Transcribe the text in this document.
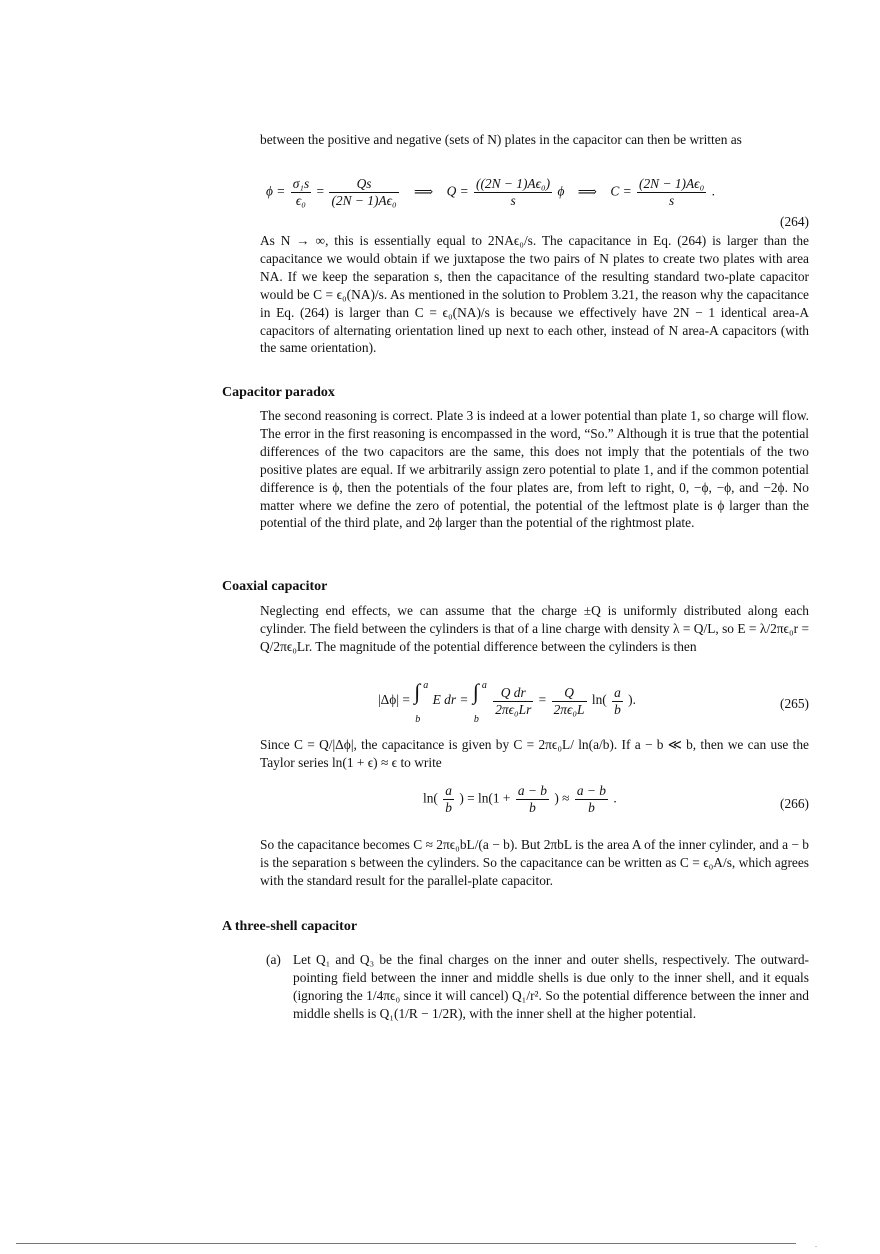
between the positive and negative (sets of N) plates in the capacitor can then be written as
$\phi = \frac{\text{σ₁s}}{\text{ϵ₀}} = \frac{Qs}{\text{(2N − 1)Aϵ₀}}$ ⟹ $Q = \frac{\text{((2N − 1)Aϵ₀)}}{s}$ ϕ ⟹ $C = \frac{\text{(2N − 1)Aϵ₀}}{s}$ .
(264)
As N → ∞, this is essentially equal to 2NAϵ₀/s. The capacitance in Eq. (264) is larger than the capacitance we would obtain if we juxtapose the two pairs of N plates to create two plates with area NA. If we keep the separation s, then the capacitance of the resulting standard two-plate capacitor would be C = ϵ₀(NA)/s. As mentioned in the solution to Problem 3.21, the reason why the capacitance in Eq. (264) is larger than C = ϵ₀(NA)/s is because we effectively have 2N − 1 identical area-A capacitors of alternating orientation lined up next to each other, instead of N area-A capacitors (with the same orientation).
Capacitor paradox
The second reasoning is correct. Plate 3 is indeed at a lower potential than plate 1, so charge will flow. The error in the first reasoning is encompassed in the word, “So.” Although it is true that the potential differences of the two capacitors are the same, this does not imply that the potentials of the two positive plates are equal. If we arbitrarily assign zero potential to plate 1, and if the common potential difference is ϕ, then the potentials of the four plates are, from left to right, 0, −ϕ, −ϕ, and −2ϕ. No matter where we define the zero of potential, the potential of the leftmost plate is ϕ larger than the potential of the third plate, and 2ϕ larger than the potential of the rightmost plate.
Coaxial capacitor
Neglecting end effects, we can assume that the charge ±Q is uniformly distributed along each cylinder. The field between the cylinders is that of a line charge with density λ = Q/L, so E = λ/2πϵ₀r = Q/2πϵ₀Lr. The magnitude of the potential difference between the cylinders is then
|Δϕ| = ∫ a
b
E dr = ∫ a
b

$\frac{\text{Q dr}}{\text{2πϵ₀Lr}} = \frac{Q}{\text{2πϵ₀L}} \ln( \frac{a}{b}$ ).	(265)
Since C = Q/|Δϕ|, the capacitance is given by C = 2πϵ₀L/ ln(a/b). If a − b ≪ b, then we can use the Taylor series ln(1 + ϵ) ≈ ϵ to write
$\ln( \frac{a}{b}$ ) = $\ln(1 + \frac{a - b}{b}$ ) ≈ $\frac{a - b}{b}$ .	(266)
So the capacitance becomes C ≈ 2πϵ₀bL/(a − b). But 2πbL is the area A of the inner cylinder, and a − b is the separation s between the cylinders. So the capacitance can be written as C = ϵ₀A/s, which agrees with the standard result for the parallel-plate capacitor.
A three-shell capacitor
(a) Let Q₁ and Q₃ be the final charges on the inner and outer shells, respectively. The outward-pointing field between the inner and middle shells is due only to the inner shell, and it equals (ignoring the 1/4πϵ₀ since it will cancel) Q₁/r². So the potential difference between the inner and middle shells is Q₁(1/R − 1/2R), with the inner shell at the higher potential.
.
